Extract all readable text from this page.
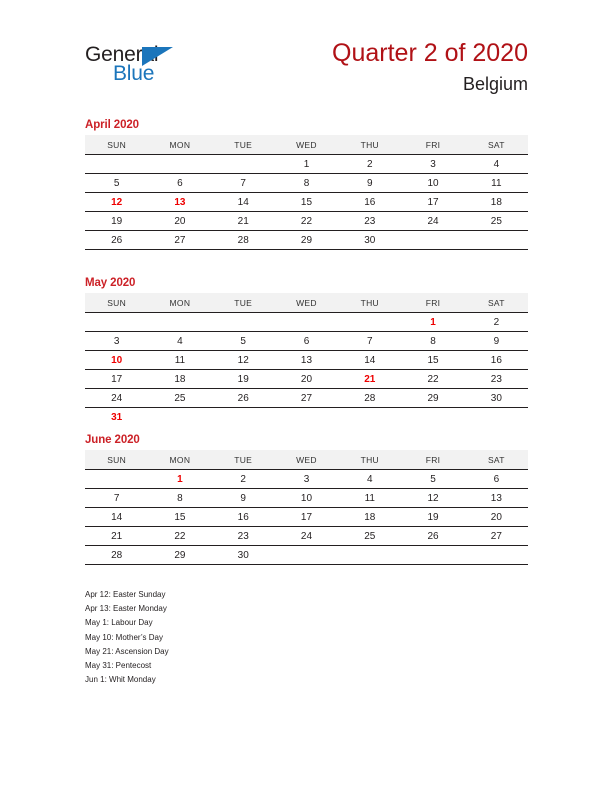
General
Blue
Quarter 2 of 2020
Belgium
April 2020
SUN	MON	TUE	WED	THU	FRI	SAT
			1	2	3	4
5	6	7	8	9	10	11
12	13	14	15	16	17	18
19	20	21	22	23	24	25
26	27	28	29	30		
May 2020
SUN	MON	TUE	WED	THU	FRI	SAT
					1	2
3	4	5	6	7	8	9
10	11	12	13	14	15	16
17	18	19	20	21	22	23
24	25	26	27	28	29	30
31						
June 2020
SUN	MON	TUE	WED	THU	FRI	SAT
	1	2	3	4	5	6
7	8	9	10	11	12	13
14	15	16	17	18	19	20
21	22	23	24	25	26	27
28	29	30				
Apr 12: Easter Sunday
Apr 13: Easter Monday
May 1: Labour Day
May 10: Mother’s Day
May 21: Ascension Day
May 31: Pentecost
Jun 1: Whit Monday
